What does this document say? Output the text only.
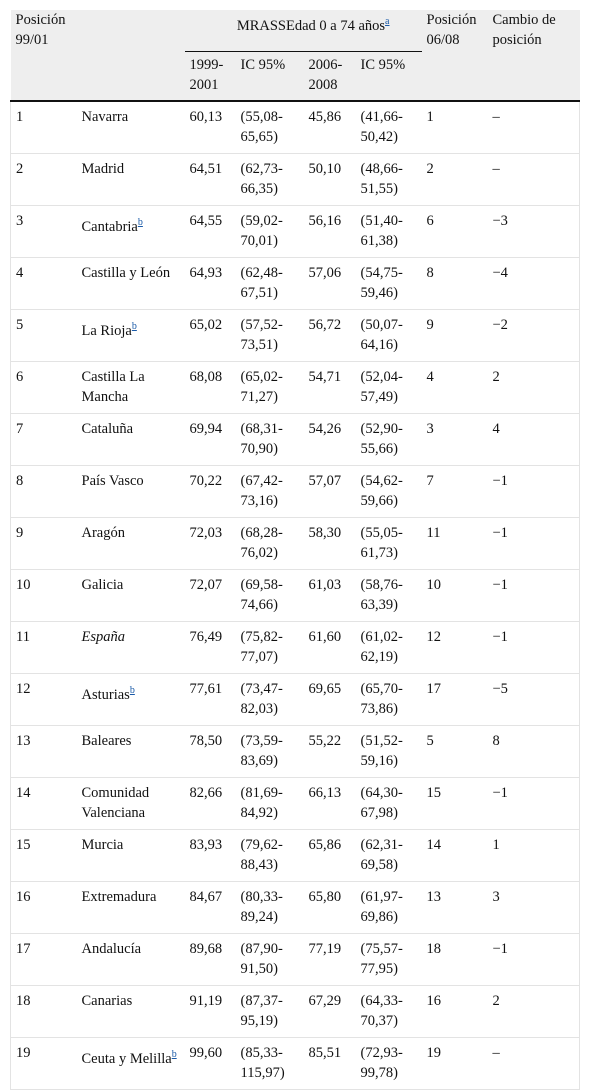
Posición 99/01		MRASSEdad 0 a 74 años$^a$				Posición 06/08	Cambio de posición
		1999-2001	IC 95%	2006-2008	IC 95%		
1	Navarra	60,13	(55,08-65,65)	45,86	(41,66-50,42)	1	–
2	Madrid	64,51	(62,73-66,35)	50,10	(48,66-51,55)	2	–
3	Cantabria$^b$	64,55	(59,02-70,01)	56,16	(51,40-61,38)	6	−3
4	Castilla y León	64,93	(62,48-67,51)	57,06	(54,75-59,46)	8	−4
5	La Rioja$^b$	65,02	(57,52-73,51)	56,72	(50,07-64,16)	9	−2
6	Castilla La Mancha	68,08	(65,02-71,27)	54,71	(52,04-57,49)	4	2
7	Cataluña	69,94	(68,31-70,90)	54,26	(52,90-55,66)	3	4
8	País Vasco	70,22	(67,42-73,16)	57,07	(54,62-59,66)	7	−1
9	Aragón	72,03	(68,28-76,02)	58,30	(55,05-61,73)	11	−1
10	Galicia	72,07	(69,58-74,66)	61,03	(58,76-63,39)	10	−1
11	España	76,49	(75,82-77,07)	61,60	(61,02-62,19)	12	−1
12	Asturias$^b$	77,61	(73,47-82,03)	69,65	(65,70-73,86)	17	−5
13	Baleares	78,50	(73,59-83,69)	55,22	(51,52-59,16)	5	8
14	Comunidad Valenciana	82,66	(81,69-84,92)	66,13	(64,30-67,98)	15	−1
15	Murcia	83,93	(79,62-88,43)	65,86	(62,31-69,58)	14	1
16	Extremadura	84,67	(80,33-89,24)	65,80	(61,97-69,86)	13	3
17	Andalucía	89,68	(87,90-91,50)	77,19	(75,57-77,95)	18	−1
18	Canarias	91,19	(87,37-95,19)	67,29	(64,33-70,37)	16	2
19	Ceuta y Melilla$^b$	99,60	(85,33-115,97)	85,51	(72,93-99,78)	19	–
